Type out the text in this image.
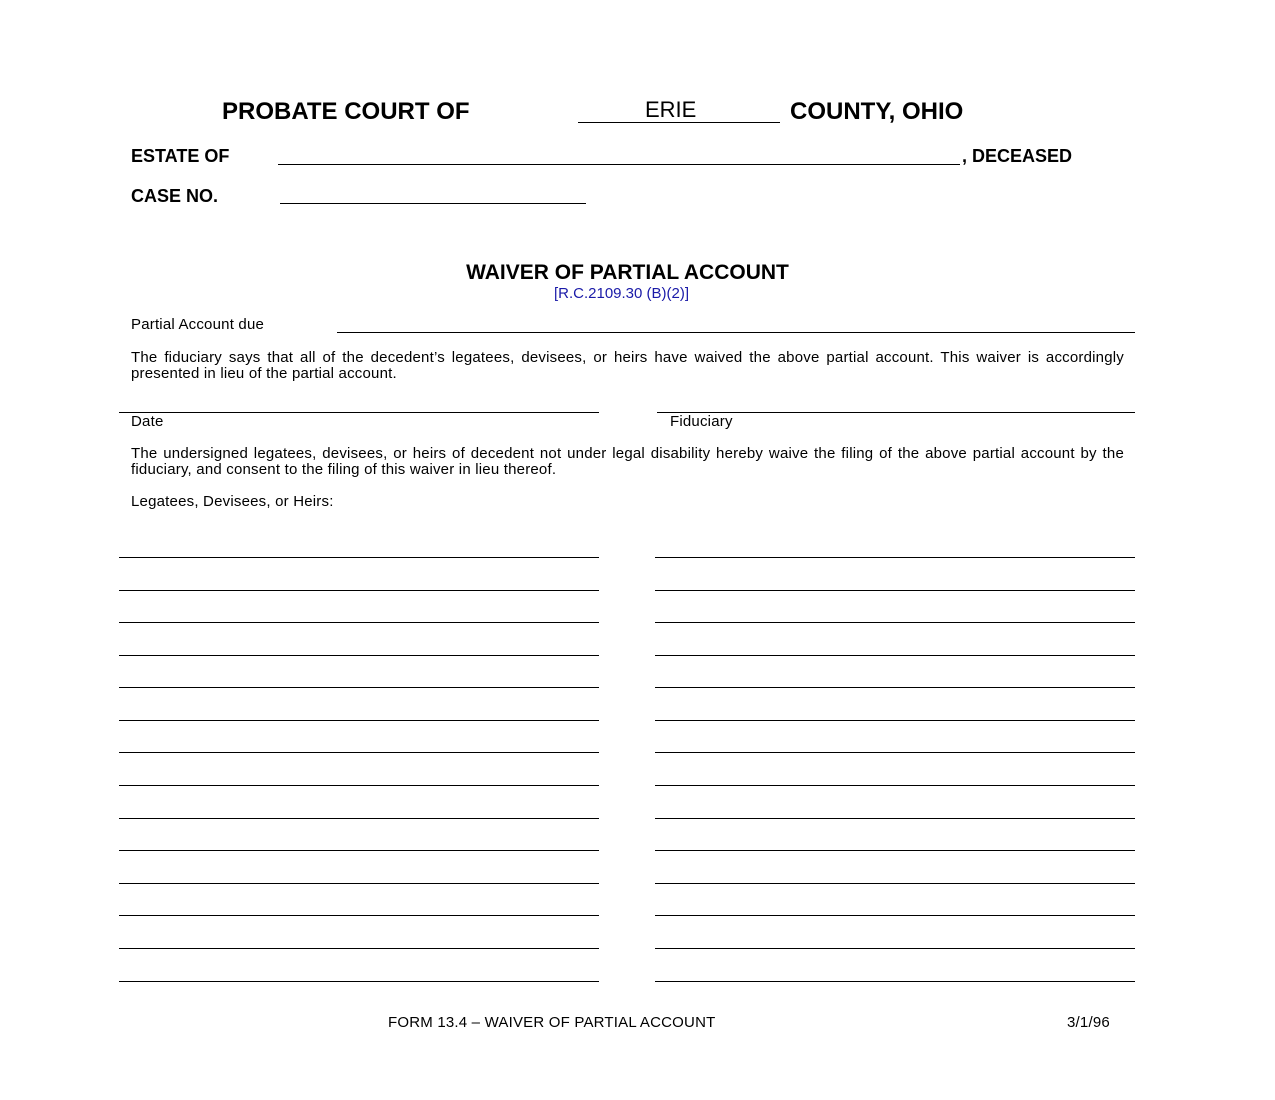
PROBATE COURT OF	ERIE	COUNTY, OHIO
ESTATE OF	, DECEASED
CASE NO.
WAIVER OF PARTIAL ACCOUNT
[R.C.2109.30 (B)(2)]
Partial Account due
The fiduciary says that all of the decedent’s legatees, devisees, or heirs have waived the above partial account. This waiver is accordingly presented in lieu of the partial account.
Date	Fiduciary
The undersigned legatees, devisees, or heirs of decedent not under legal disability hereby waive the filing of the above partial account by the fiduciary, and consent to the filing of this waiver in lieu thereof.
Legatees, Devisees, or Heirs:
FORM 13.4 – WAIVER OF PARTIAL ACCOUNT	3/1/96
